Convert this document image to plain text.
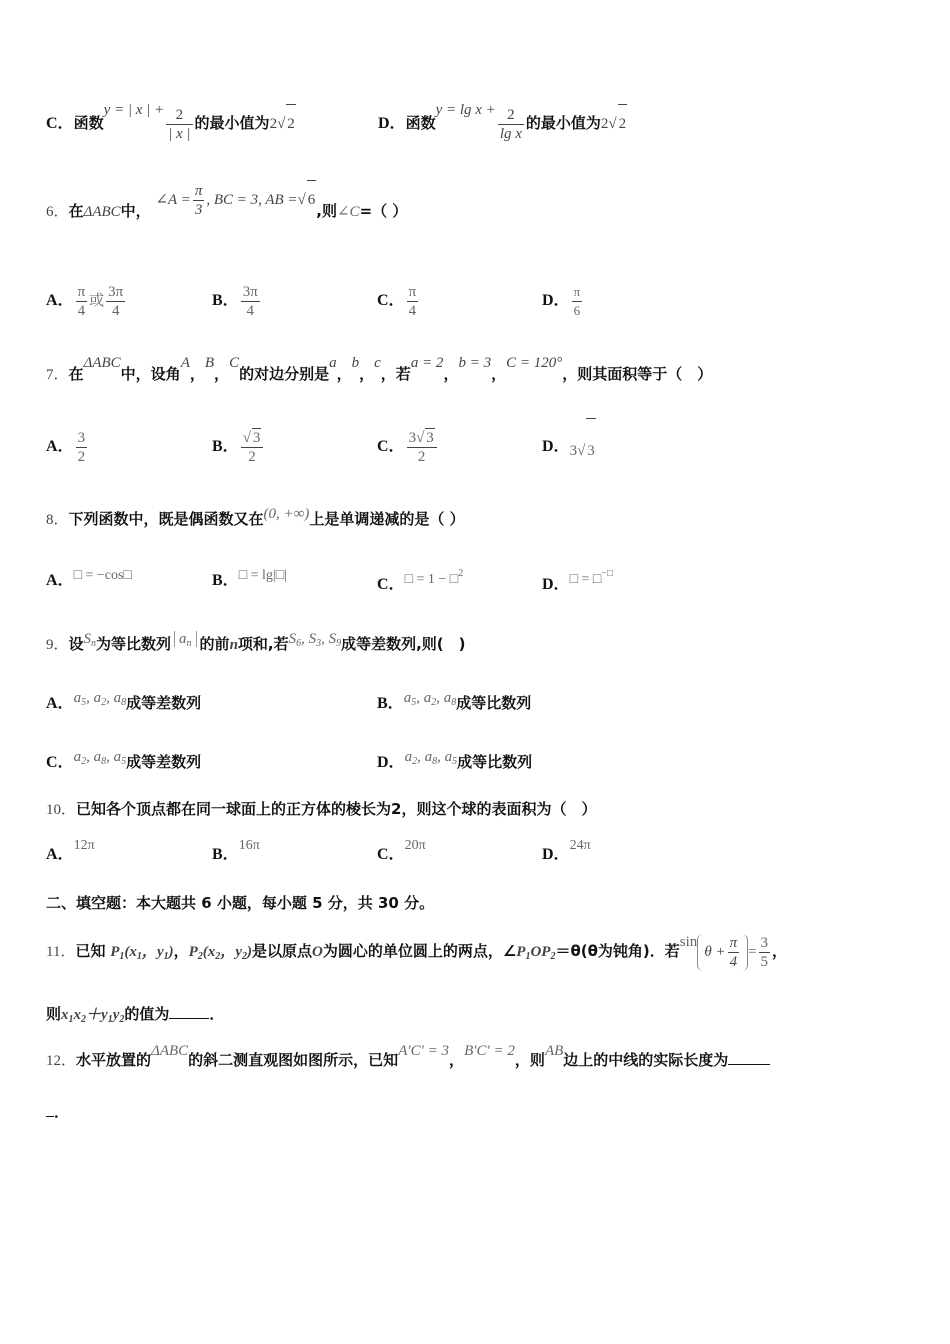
C．函数y = | x | + $\frac{2}{| x |}$ 的最小值为2√ 2	D．函数$y = \lg x + \frac{2}{\text{lg x}}$ 的最小值为2√ 2
6．在ΔABC中， ∠A = $\frac{\pi}{3}$ , BC = 3, AB =√ 6,则∠C=（ ）
A． $\frac{\pi}{4}$ 或 $\frac{3\pi}{4}$	B． $\frac{3\pi}{4}$	C． $\frac{\pi}{4}$	D． $\frac{\pi}{6}$
7．在ΔABC中，设角A，B，C的对边分别是a，b，c，若a = 2，b = 3，C = 120°，则其面积等于（　）
A． $\frac{3}{2}$	B． $\frac{√ 3}{2}$	C． $\frac{3√ 3}{2}$	D．3√ 3
8．下列函数中，既是偶函数又在(0, +∞)上是单调递减的是（ ）
A．□ = −cos□	B．□ = lg|□|
C．□ = 1 − □$^2$
D．□ = □−□
9．设$S_n$为等比数列 $a_n$ 的前n项和,若$S_6$, $S_3$, $S_9$成等差数列,则(　)
A．$a_5$, $a_2$, $a_8$成等差数列	B．$a_5$, $a_2$, $a_8$成等比数列
C．$a_2$, $a_8$, $a_5$成等差数列	D．$a_2$, $a_8$, $a_5$成等比数列
10．已知各个顶点都在同一球面上的正方体的棱长为2，则这个球的表面积为（　）
A．12π
B．16π
C．20π
D．24π
二、填空题：本大题共 6 小题，每小题 5 分，共 30 分。
11．已知 $P_1(x_1$，$y_1$)，$P_2(x_2$，$y_2$)是以原点O为圆心的单位圆上的两点，$\angle P_1OP_2=\theta(\theta$为钝角)．若$\sin\theta + \frac{\pi}{4} = \frac{3}{5}$ ，
则$x_1x_2+y_1y_2$的值为	．
12．水平放置的ΔABC的斜二测直观图如图所示，已知A′C′ = 3，B′C′ = 2，则AB边上的中线的实际长度为
．
